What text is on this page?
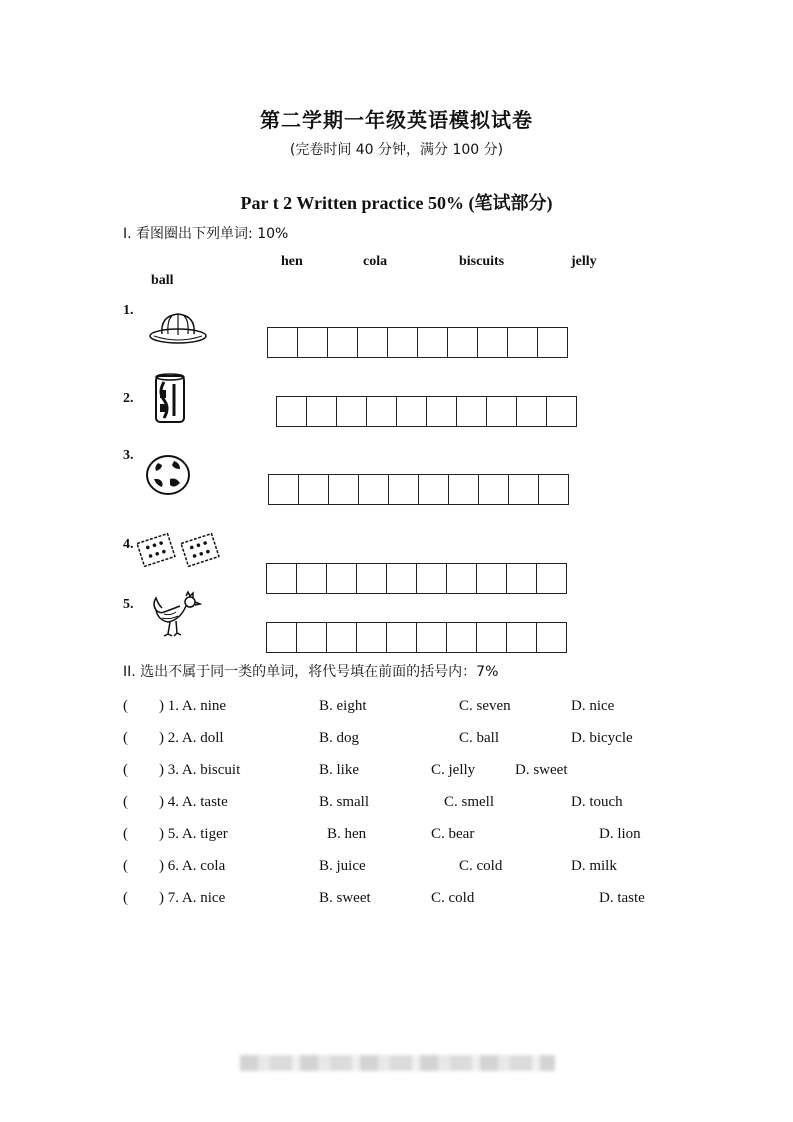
第二学期一年级英语模拟试卷
(完卷时间 40 分钟，满分 100 分)
Par t 2 Written practice 50% (笔试部分)
I. 看图圈出下列单词: 10%
hen	cola	biscuits	jelly
ball
1.
2.
3.
4.
5.
II. 选出不属于同一类的单词，将代号填在前面的括号内：7%
( ) 1. A. nine	B. eight	C. seven	D. nice
( ) 2. A. doll	B. dog	C. ball	D. bicycle
( ) 3. A. biscuit	B. like	C. jelly	D. sweet
( ) 4. A. taste	B. small	C. smell	D. touch
( ) 5. A. tiger	B. hen	C. bear	D. lion
( ) 6. A. cola	B. juice	C. cold	D. milk
( ) 7. A. nice	B. sweet	C. cold	D. taste
